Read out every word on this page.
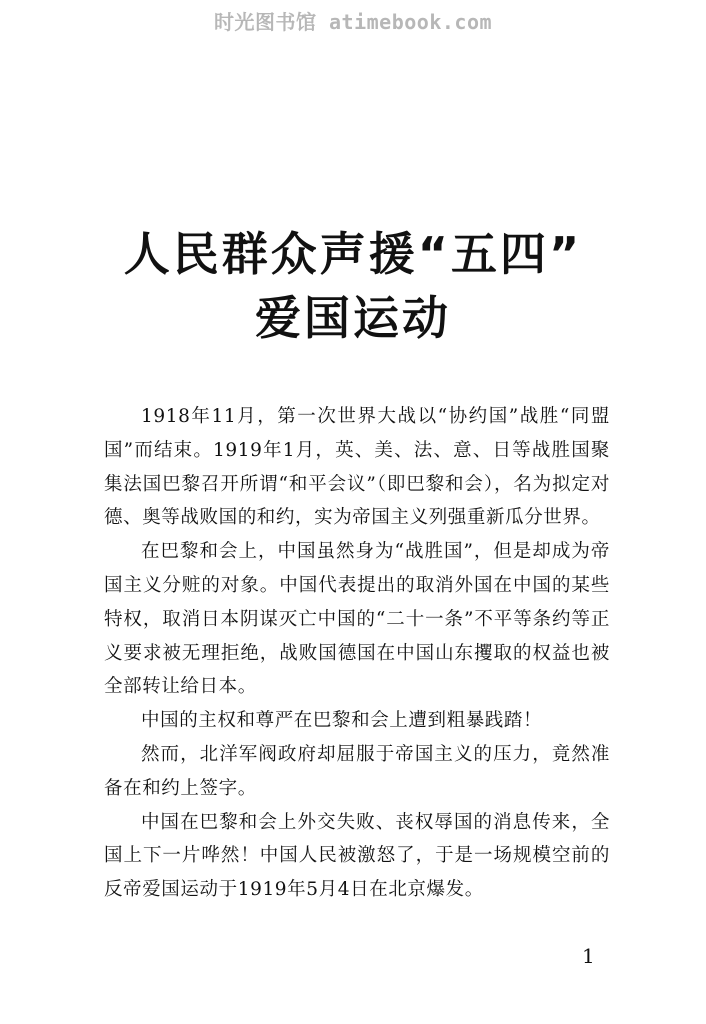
时光图书馆 atimebook.com
人民群众声援“五四”
爱国运动

1918年11月，第一次世界大战以“协约国”战胜“同盟国”而结束。1919年1月，英、美、法、意、日等战胜国聚集法国巴黎召开所谓“和平会议”（即巴黎和会），名为拟定对德、奥等战败国的和约，实为帝国主义列强重新瓜分世界。

在巴黎和会上，中国虽然身为“战胜国”，但是却成为帝国主义分赃的对象。中国代表提出的取消外国在中国的某些特权，取消日本阴谋灭亡中国的“二十一条”不平等条约等正义要求被无理拒绝，战败国德国在中国山东攫取的权益也被全部转让给日本。

中国的主权和尊严在巴黎和会上遭到粗暴践踏！

然而，北洋军阀政府却屈服于帝国主义的压力，竟然准备在和约上签字。

中国在巴黎和会上外交失败、丧权辱国的消息传来，全国上下一片哗然！中国人民被激怒了，于是一场规模空前的反帝爱国运动于1919年5月4日在北京爆发。

1
